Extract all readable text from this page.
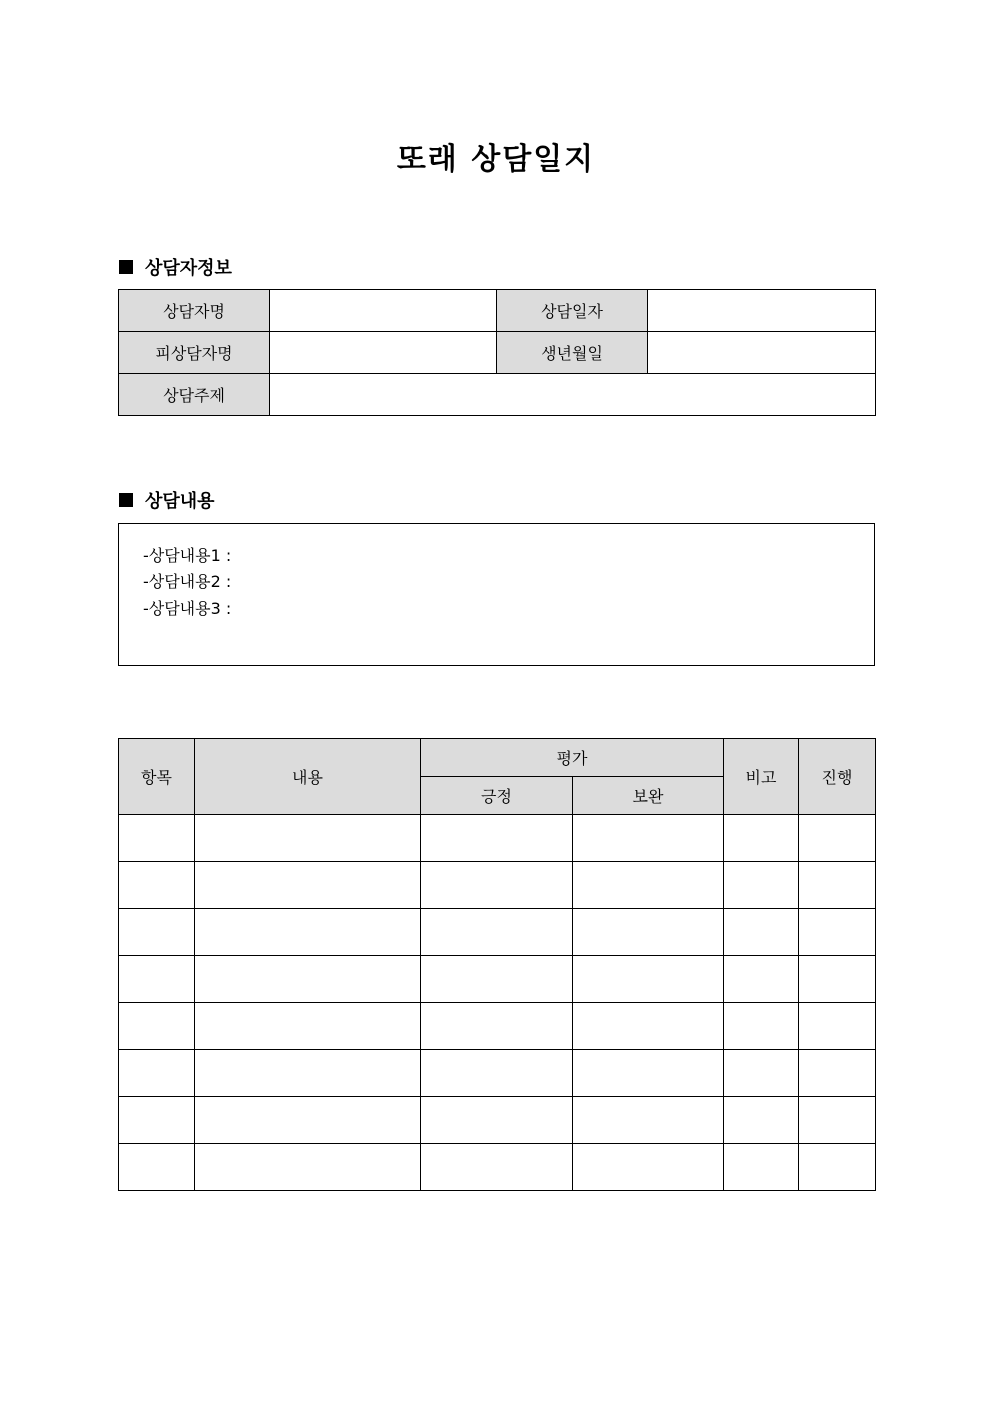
또래 상담일지
상담자정보
상담자명		상담일자	
피상담자명		생년월일	
상담주제			
상담내용
-상담내용1 :
-상담내용2 :
-상담내용3 :
항목	내용	평가		비고	진행
		긍정	보완		
